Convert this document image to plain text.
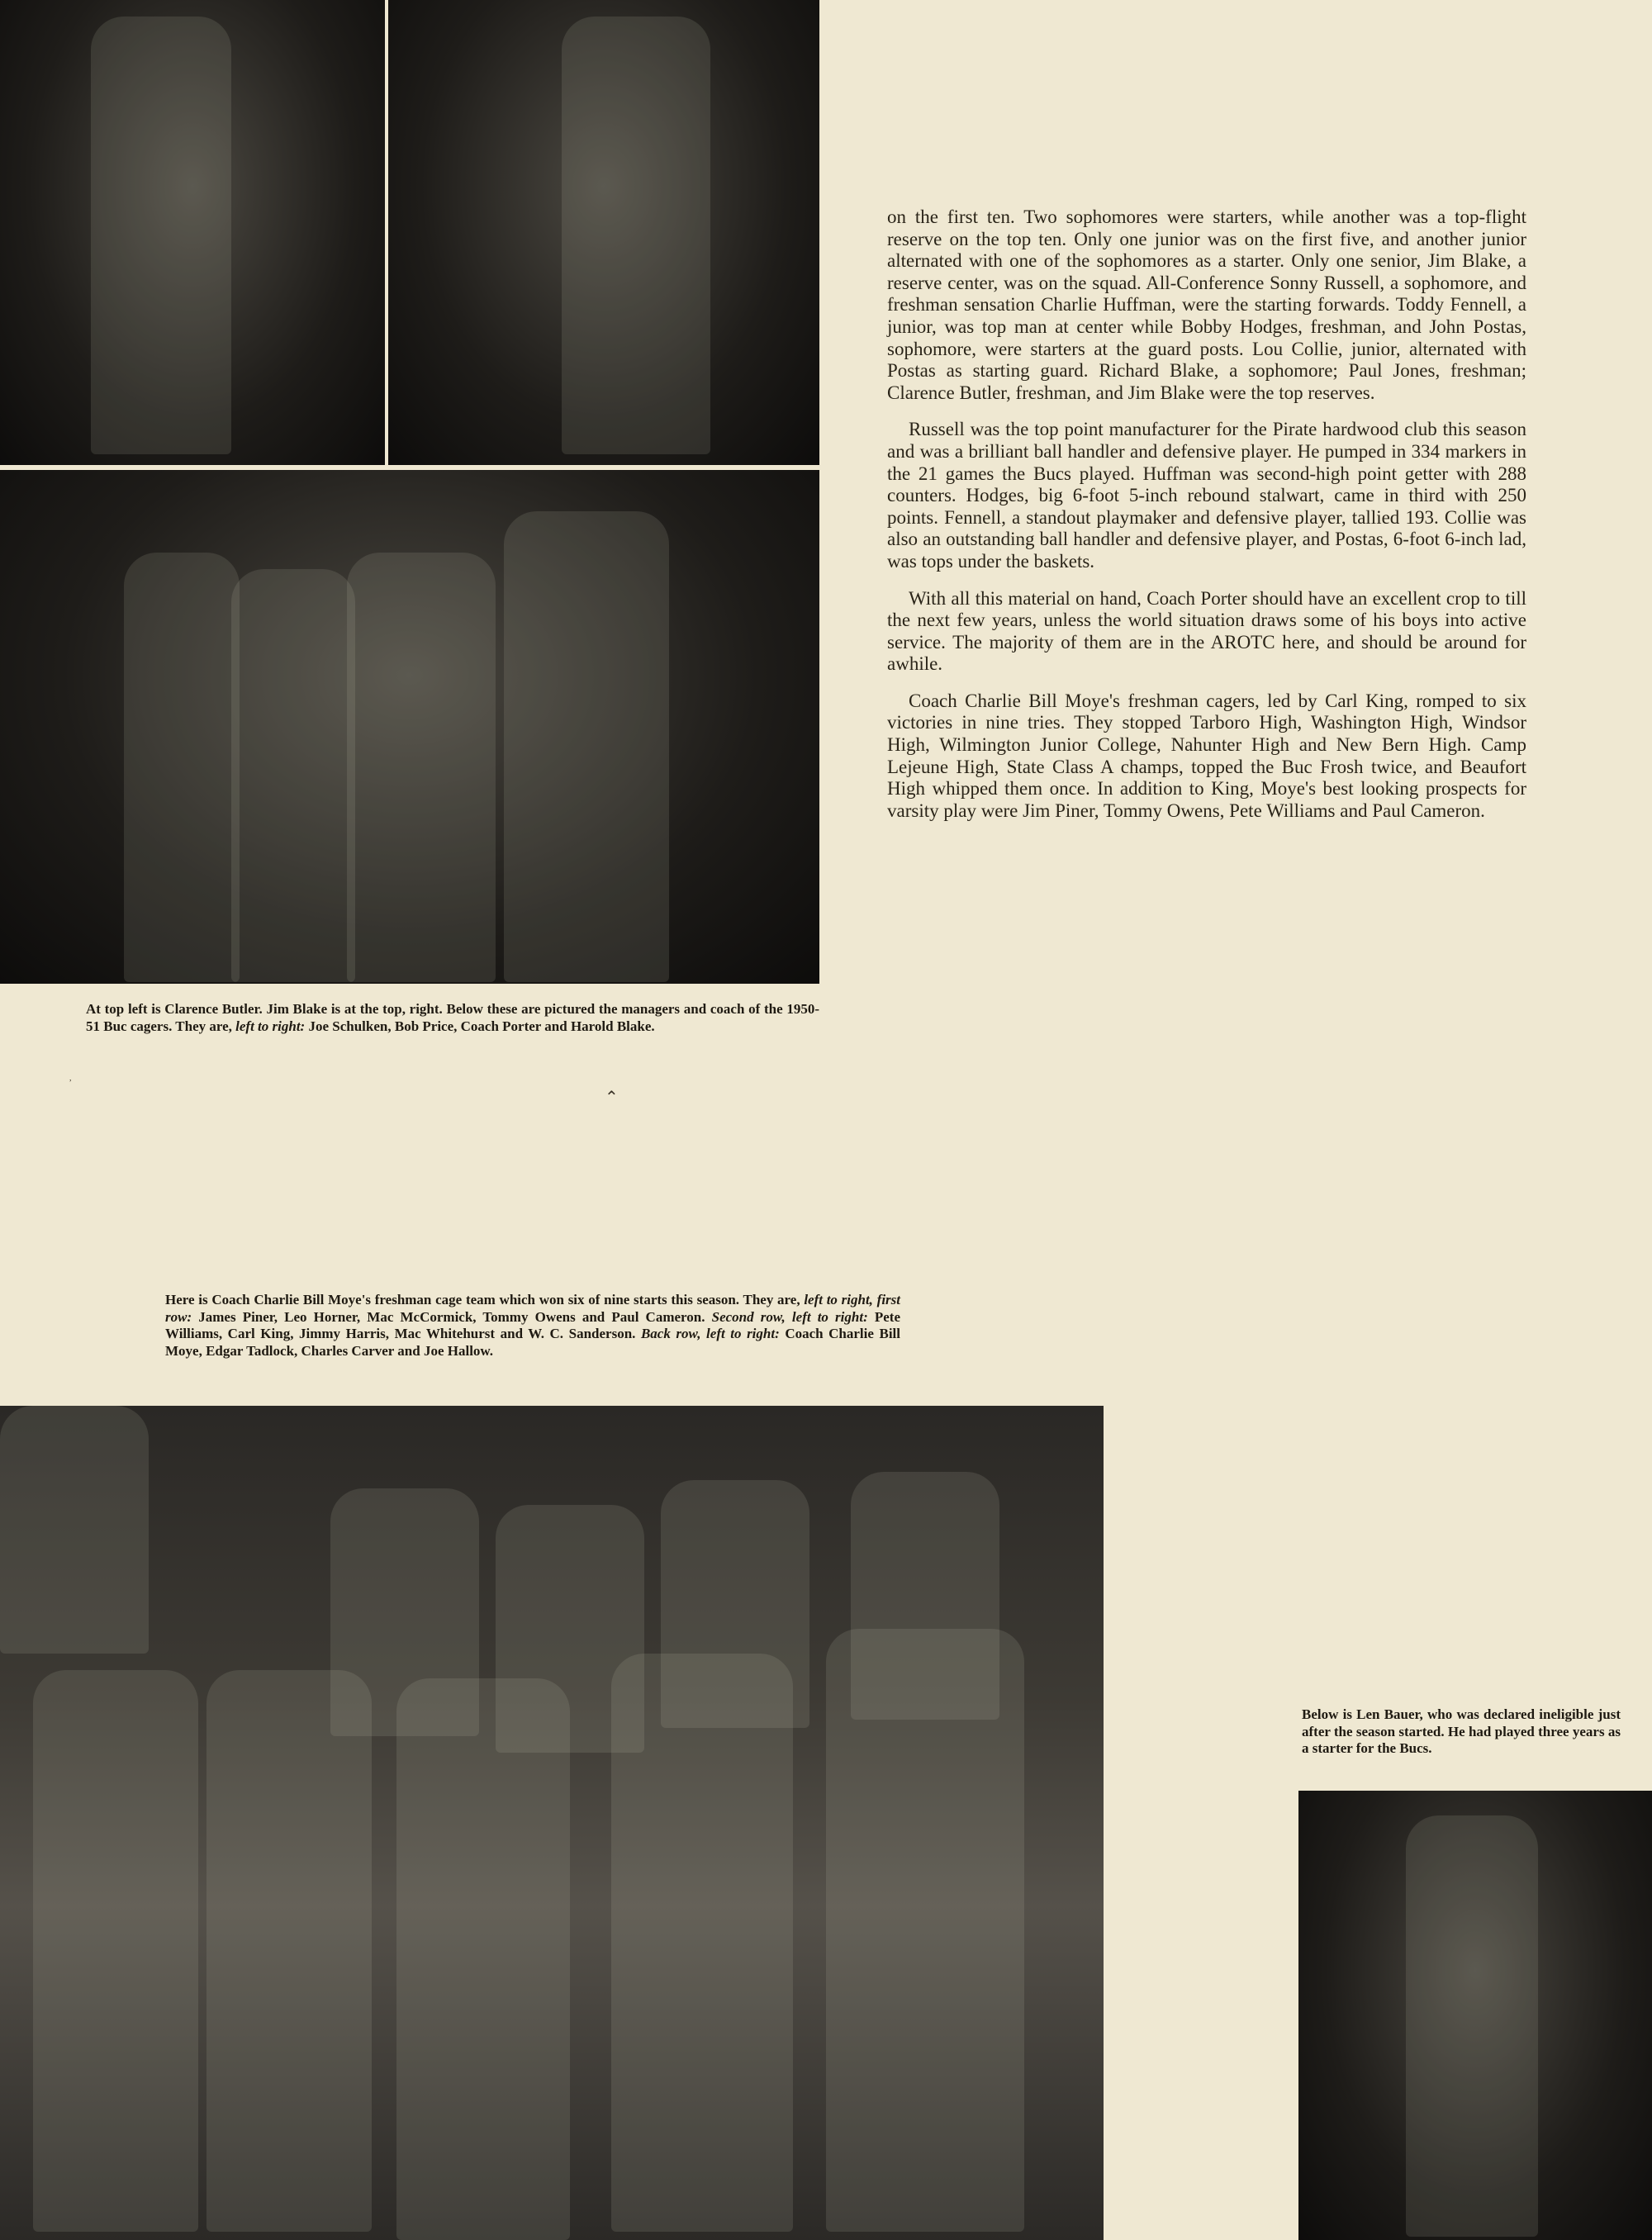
on the first ten. Two sophomores were starters, while another was a top-flight reserve on the top ten. Only one junior was on the first five, and another junior alternated with one of the sophomores as a starter. Only one senior, Jim Blake, a reserve center, was on the squad. All-Conference Sonny Russell, a sophomore, and freshman sensation Charlie Huffman, were the starting forwards. Toddy Fennell, a junior, was top man at center while Bobby Hodges, freshman, and John Postas, sophomore, were starters at the guard posts. Lou Collie, junior, alternated with Postas as starting guard. Richard Blake, a sophomore; Paul Jones, freshman; Clarence Butler, freshman, and Jim Blake were the top reserves.

Russell was the top point manufacturer for the Pirate hardwood club this season and was a brilliant ball handler and defensive player. He pumped in 334 markers in the 21 games the Bucs played. Huffman was second-high point getter with 288 counters. Hodges, big 6-foot 5-inch rebound stalwart, came in third with 250 points. Fennell, a standout playmaker and defensive player, tallied 193. Collie was also an outstanding ball handler and defensive player, and Postas, 6-foot 6-inch lad, was tops under the baskets.

With all this material on hand, Coach Porter should have an excellent crop to till the next few years, unless the world situation draws some of his boys into active service. The majority of them are in the AROTC here, and should be around for awhile.

Coach Charlie Bill Moye's freshman cagers, led by Carl King, romped to six victories in nine tries. They stopped Tarboro High, Washington High, Windsor High, Wilmington Junior College, Nahunter High and New Bern High. Camp Lejeune High, State Class A champs, topped the Buc Frosh twice, and Beaufort High whipped them once. In addition to King, Moye's best looking prospects for varsity play were Jim Piner, Tommy Owens, Pete Williams and Paul Cameron.

At top left is Clarence Butler. Jim Blake is at the top, right. Below these are pictured the managers and coach of the 1950-51 Buc cagers. They are, left to right: Joe Schulken, Bob Price, Coach Porter and Harold Blake.
,
⌃
Here is Coach Charlie Bill Moye's freshman cage team which won six of nine starts this season. They are, left to right, first row: James Piner, Leo Horner, Mac McCormick, Tommy Owens and Paul Cameron. Second row, left to right: Pete Williams, Carl King, Jimmy Harris, Mac Whitehurst and W. C. Sanderson. Back row, left to right: Coach Charlie Bill Moye, Edgar Tadlock, Charles Carver and Joe Hallow.
Below is Len Bauer, who was declared ineligible just after the season started. He had played three years as a starter for the Bucs.
